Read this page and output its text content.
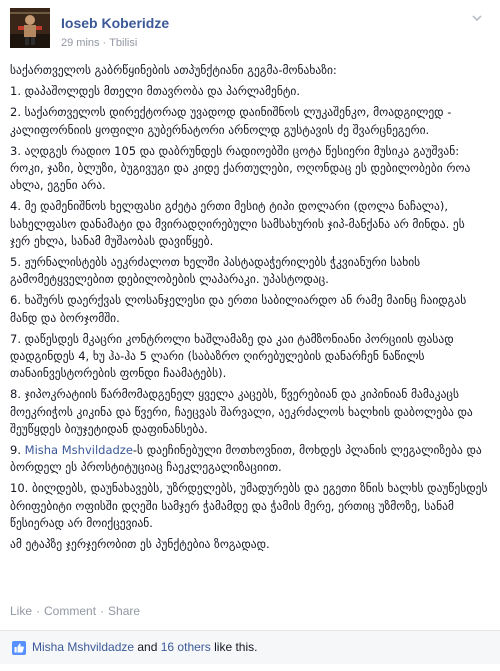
Ioseb Koberidze
29 mins · Tbilisi

საქართველოს გაბრწყინების ათპუნქტიანი გეგმა-მონახაზი:

1. დაპაშოლდეს მთელი მთავრობა და პარლამენტი.
2. საქართველოს დირექტორად უვადოდ დაინიშნოს ლუკაშენკო, მოადგილედ - კალიფორნიის ყოფილი გუბერნატორი არნოლდ გუსტავის ძე შვარცნეგერი.
3. აღდგეს რადიო 105 და დაბრუნდეს რადიოებში ცოტა წესიერი მუსიკა გაუშვან: როკი, ჯაზი, ბლუზი, ბუგივუგი და კიდე ქართულები, ოღონდაც ეს დებილობები როა ახლა, ეგენი არა.
4. მე დამენიშნოს ხელფასი გძეტა ერთი მესიტ ტიპი დოლარი (დოლა ნაჩალა), სახელფასო დანამატი და მვირადღირებული სამსახურის ჯიპ-მანქანა არ მინდა. ეს ჯერ ეხლა, სანამ მუშაობას დავიწყებ.
5. ჟურნალისტებს აეკრძალოთ ხელში პასტადაჭერილებს ჭკვიანური სახის გამომეტყველებით დებილობების ლაპარაკი. უპასტოდაც.
6. ხაშურს დაერქვას ლოსანჯელესი და ერთი საბილიარდო ან რამე მაინც ჩაიდგას მანდ და ბორჯომში.
7. დაწესდეს მკაცრი კონტროლი ხაშლამაზე და კაი ტამზონიანი პორციის ფასად დადგინდეს 4, ხუ ჰა-ჰა 5 ლარი (საბაზრო ღირებულების დანარჩენ ნაწილს თანაინვესტორების ფონდი ჩაამატებს).
8. ჯიპოკრატიის წარმომადგენელ ყველა კაცებს, წვერებიან და კიპინიან მამაკაცს მოეკრიჭოს კიკინა და წვერი, ჩაეცვას შარვალი, აეკრძალოს ხალხის დაბოლება და შეუწყდეს ბიუჯეტიდან დაფინანსება.
9. Misha Mshvildadze-ს დაეჩინებული მოთხოვნით, მოხდეს პლანის ლეგალიზება და ბორდელ ეს პროსტიტუციაც ჩაეკლეგალიზაციით.
10. ბილდებს, დაუნახავებს, უზრდელებს, უმადურებს და ეგეთი ზნის ხალხს დაუწესდეს ბრიფებიტი ოფისში დღეში სამჯერ ჭამამდე და ჭამის მერე, ერთიც უზმოზე, სანამ წესიერად არ მოიქცევიან.

ამ ეტაპზე ჯერჯერობით ეს პუნქტებია ზოგადად.

Like · Comment · Share
Misha Mshvildadze and 16 others like this.
